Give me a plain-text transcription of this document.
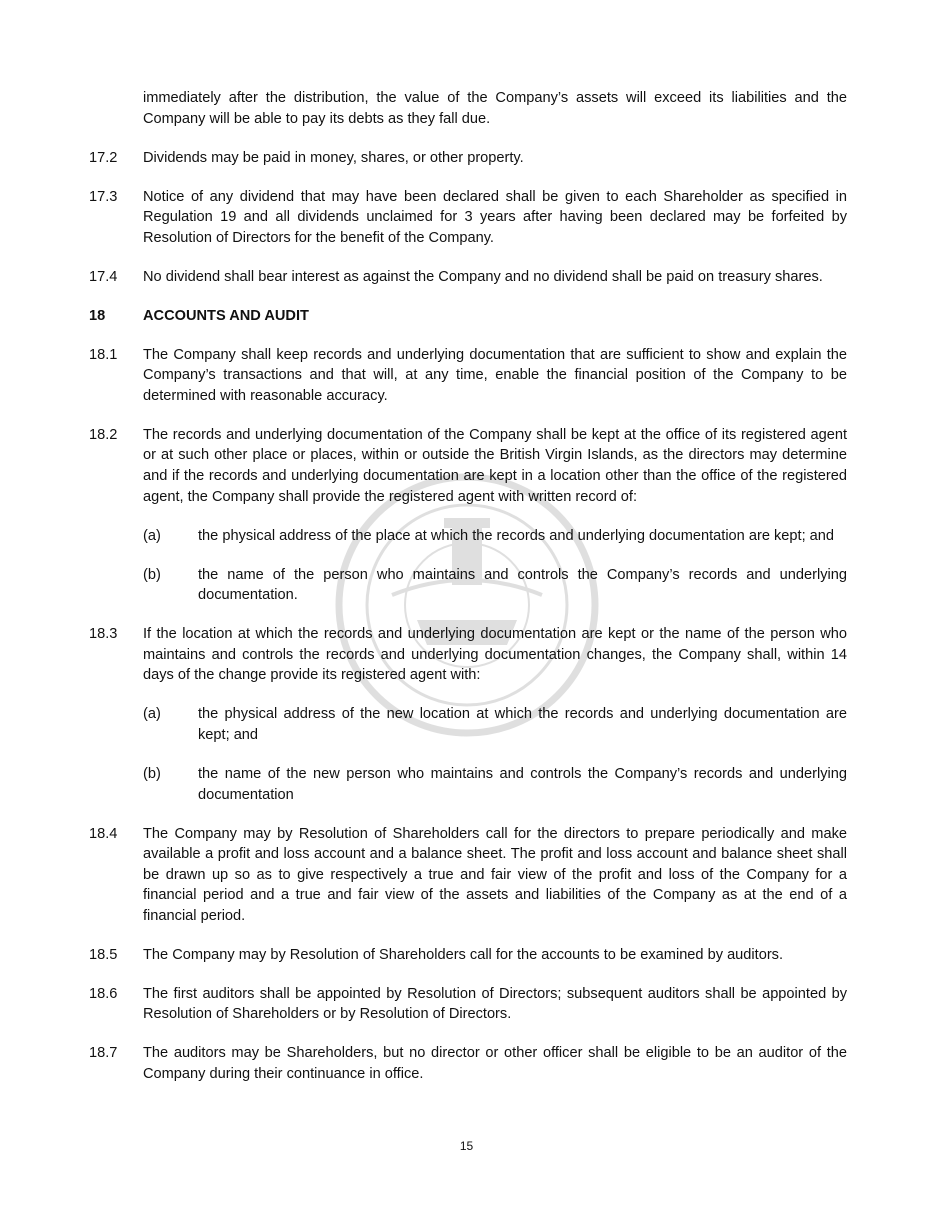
immediately after the distribution, the value of the Company’s assets will exceed its liabilities and the Company will be able to pay its debts as they fall due.
17.2	Dividends may be paid in money, shares, or other property.
17.3	Notice of any dividend that may have been declared shall be given to each Shareholder as specified in Regulation 19 and all dividends unclaimed for 3 years after having been declared may be forfeited by Resolution of Directors for the benefit of the Company.
17.4	No dividend shall bear interest as against the Company and no dividend shall be paid on treasury shares.
18	ACCOUNTS AND AUDIT
18.1	The Company shall keep records and underlying documentation that are sufficient to show and explain the Company’s transactions and that will, at any time, enable the financial position of the Company to be determined with reasonable accuracy.
18.2	The records and underlying documentation of the Company shall be kept at the office of its registered agent or at such other place or places, within or outside the British Virgin Islands, as the directors may determine and if the records and underlying documentation are kept in a location other than the office of the registered agent, the Company shall provide the registered agent with written record of:
(a)	the physical address of the place at which the records and underlying documentation are kept; and
(b)	the name of the person who maintains and controls the Company’s records and underlying documentation.
18.3	If the location at which the records and underlying documentation are kept or the name of the person who maintains and controls the records and underlying documentation changes, the Company shall, within 14 days of the change provide its registered agent with:
(a)	the physical address of the new location at which the records and underlying documentation are kept; and
(b)	the name of the new person who maintains and controls the Company’s records and underlying documentation
18.4	The Company may by Resolution of Shareholders call for the directors to prepare periodically and make available a profit and loss account and a balance sheet. The profit and loss account and balance sheet shall be drawn up so as to give respectively a true and fair view of the profit and loss of the Company for a financial period and a true and fair view of the assets and liabilities of the Company as at the end of a financial period.
18.5	The Company may by Resolution of Shareholders call for the accounts to be examined by auditors.
18.6	The first auditors shall be appointed by Resolution of Directors; subsequent auditors shall be appointed by Resolution of Shareholders or by Resolution of Directors.
18.7	The auditors may be Shareholders, but no director or other officer shall be eligible to be an auditor of the Company during their continuance in office.
15
